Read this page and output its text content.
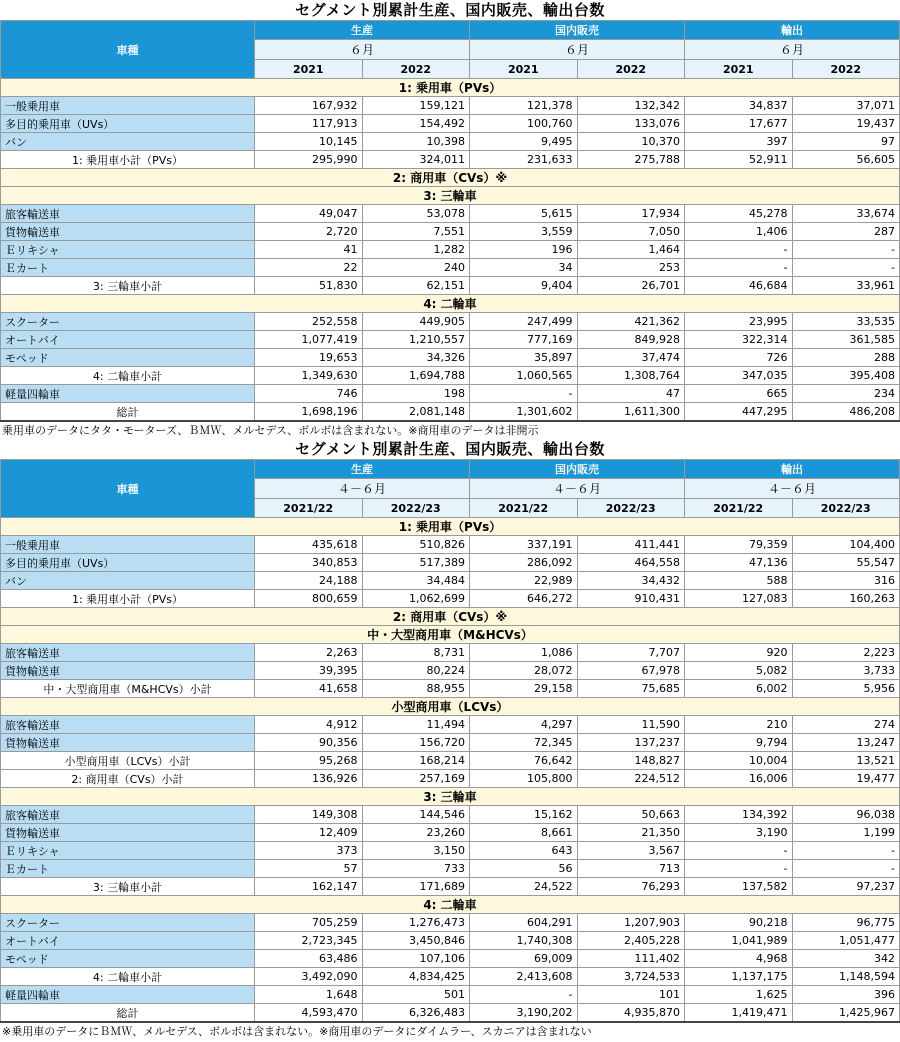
セグメント別累計生産、国内販売、輸出台数
車種	生産		国内販売		輸出	
	６月		６月		６月	
	2021	2022	2021	2022	2021	2022
1: 乗用車（PVs）						
一般乗用車	167,932	159,121	121,378	132,342	34,837	37,071
多目的乗用車（UVs）	117,913	154,492	100,760	133,076	17,677	19,437
バン	10,145	10,398	9,495	10,370	397	97
1: 乗用車小計（PVs）	295,990	324,011	231,633	275,788	52,911	56,605
2: 商用車（CVs）※						
3: 三輪車						
旅客輸送車	49,047	53,078	5,615	17,934	45,278	33,674
貨物輸送車	2,720	7,551	3,559	7,050	1,406	287
Ｅリキシャ	41	1,282	196	1,464	-	-
Ｅカート	22	240	34	253	-	-
3: 三輪車小計	51,830	62,151	9,404	26,701	46,684	33,961
4: 二輪車						
スクーター	252,558	449,905	247,499	421,362	23,995	33,535
オートバイ	1,077,419	1,210,557	777,169	849,928	322,314	361,585
モペッド	19,653	34,326	35,897	37,474	726	288
4: 二輪車小計	1,349,630	1,694,788	1,060,565	1,308,764	347,035	395,408
軽量四輪車	746	198	-	47	665	234
総計	1,698,196	2,081,148	1,301,602	1,611,300	447,295	486,208
乗用車のデータにタタ・モーターズ、ＢＭＷ、メルセデス、ボルボは含まれない。※商用車のデータは非開示
セグメント別累計生産、国内販売、輸出台数
車種	生産		国内販売		輸出	
	４－６月		４－６月		４－６月	
	2021/22	2022/23	2021/22	2022/23	2021/22	2022/23
1: 乗用車（PVs）						
一般乗用車	435,618	510,826	337,191	411,441	79,359	104,400
多目的乗用車（UVs）	340,853	517,389	286,092	464,558	47,136	55,547
バン	24,188	34,484	22,989	34,432	588	316
1: 乗用車小計（PVs）	800,659	1,062,699	646,272	910,431	127,083	160,263
2: 商用車（CVs）※						
中・大型商用車（M&HCVs）						
旅客輸送車	2,263	8,731	1,086	7,707	920	2,223
貨物輸送車	39,395	80,224	28,072	67,978	5,082	3,733
中・大型商用車（M&HCVs）小計	41,658	88,955	29,158	75,685	6,002	5,956
小型商用車（LCVs）						
旅客輸送車	4,912	11,494	4,297	11,590	210	274
貨物輸送車	90,356	156,720	72,345	137,237	9,794	13,247
小型商用車（LCVs）小計	95,268	168,214	76,642	148,827	10,004	13,521
2: 商用車（CVs）小計	136,926	257,169	105,800	224,512	16,006	19,477
3: 三輪車						
旅客輸送車	149,308	144,546	15,162	50,663	134,392	96,038
貨物輸送車	12,409	23,260	8,661	21,350	3,190	1,199
Ｅリキシャ	373	3,150	643	3,567	-	-
Ｅカート	57	733	56	713	-	-
3: 三輪車小計	162,147	171,689	24,522	76,293	137,582	97,237
4: 二輪車						
スクーター	705,259	1,276,473	604,291	1,207,903	90,218	96,775
オートバイ	2,723,345	3,450,846	1,740,308	2,405,228	1,041,989	1,051,477
モペッド	63,486	107,106	69,009	111,402	4,968	342
4: 二輪車小計	3,492,090	4,834,425	2,413,608	3,724,533	1,137,175	1,148,594
軽量四輪車	1,648	501	-	101	1,625	396
総計	4,593,470	6,326,483	3,190,202	4,935,870	1,419,471	1,425,967
※乗用車のデータにＢＭＷ、メルセデス、ボルボは含まれない。※商用車のデータにダイムラー、スカニアは含まれない
